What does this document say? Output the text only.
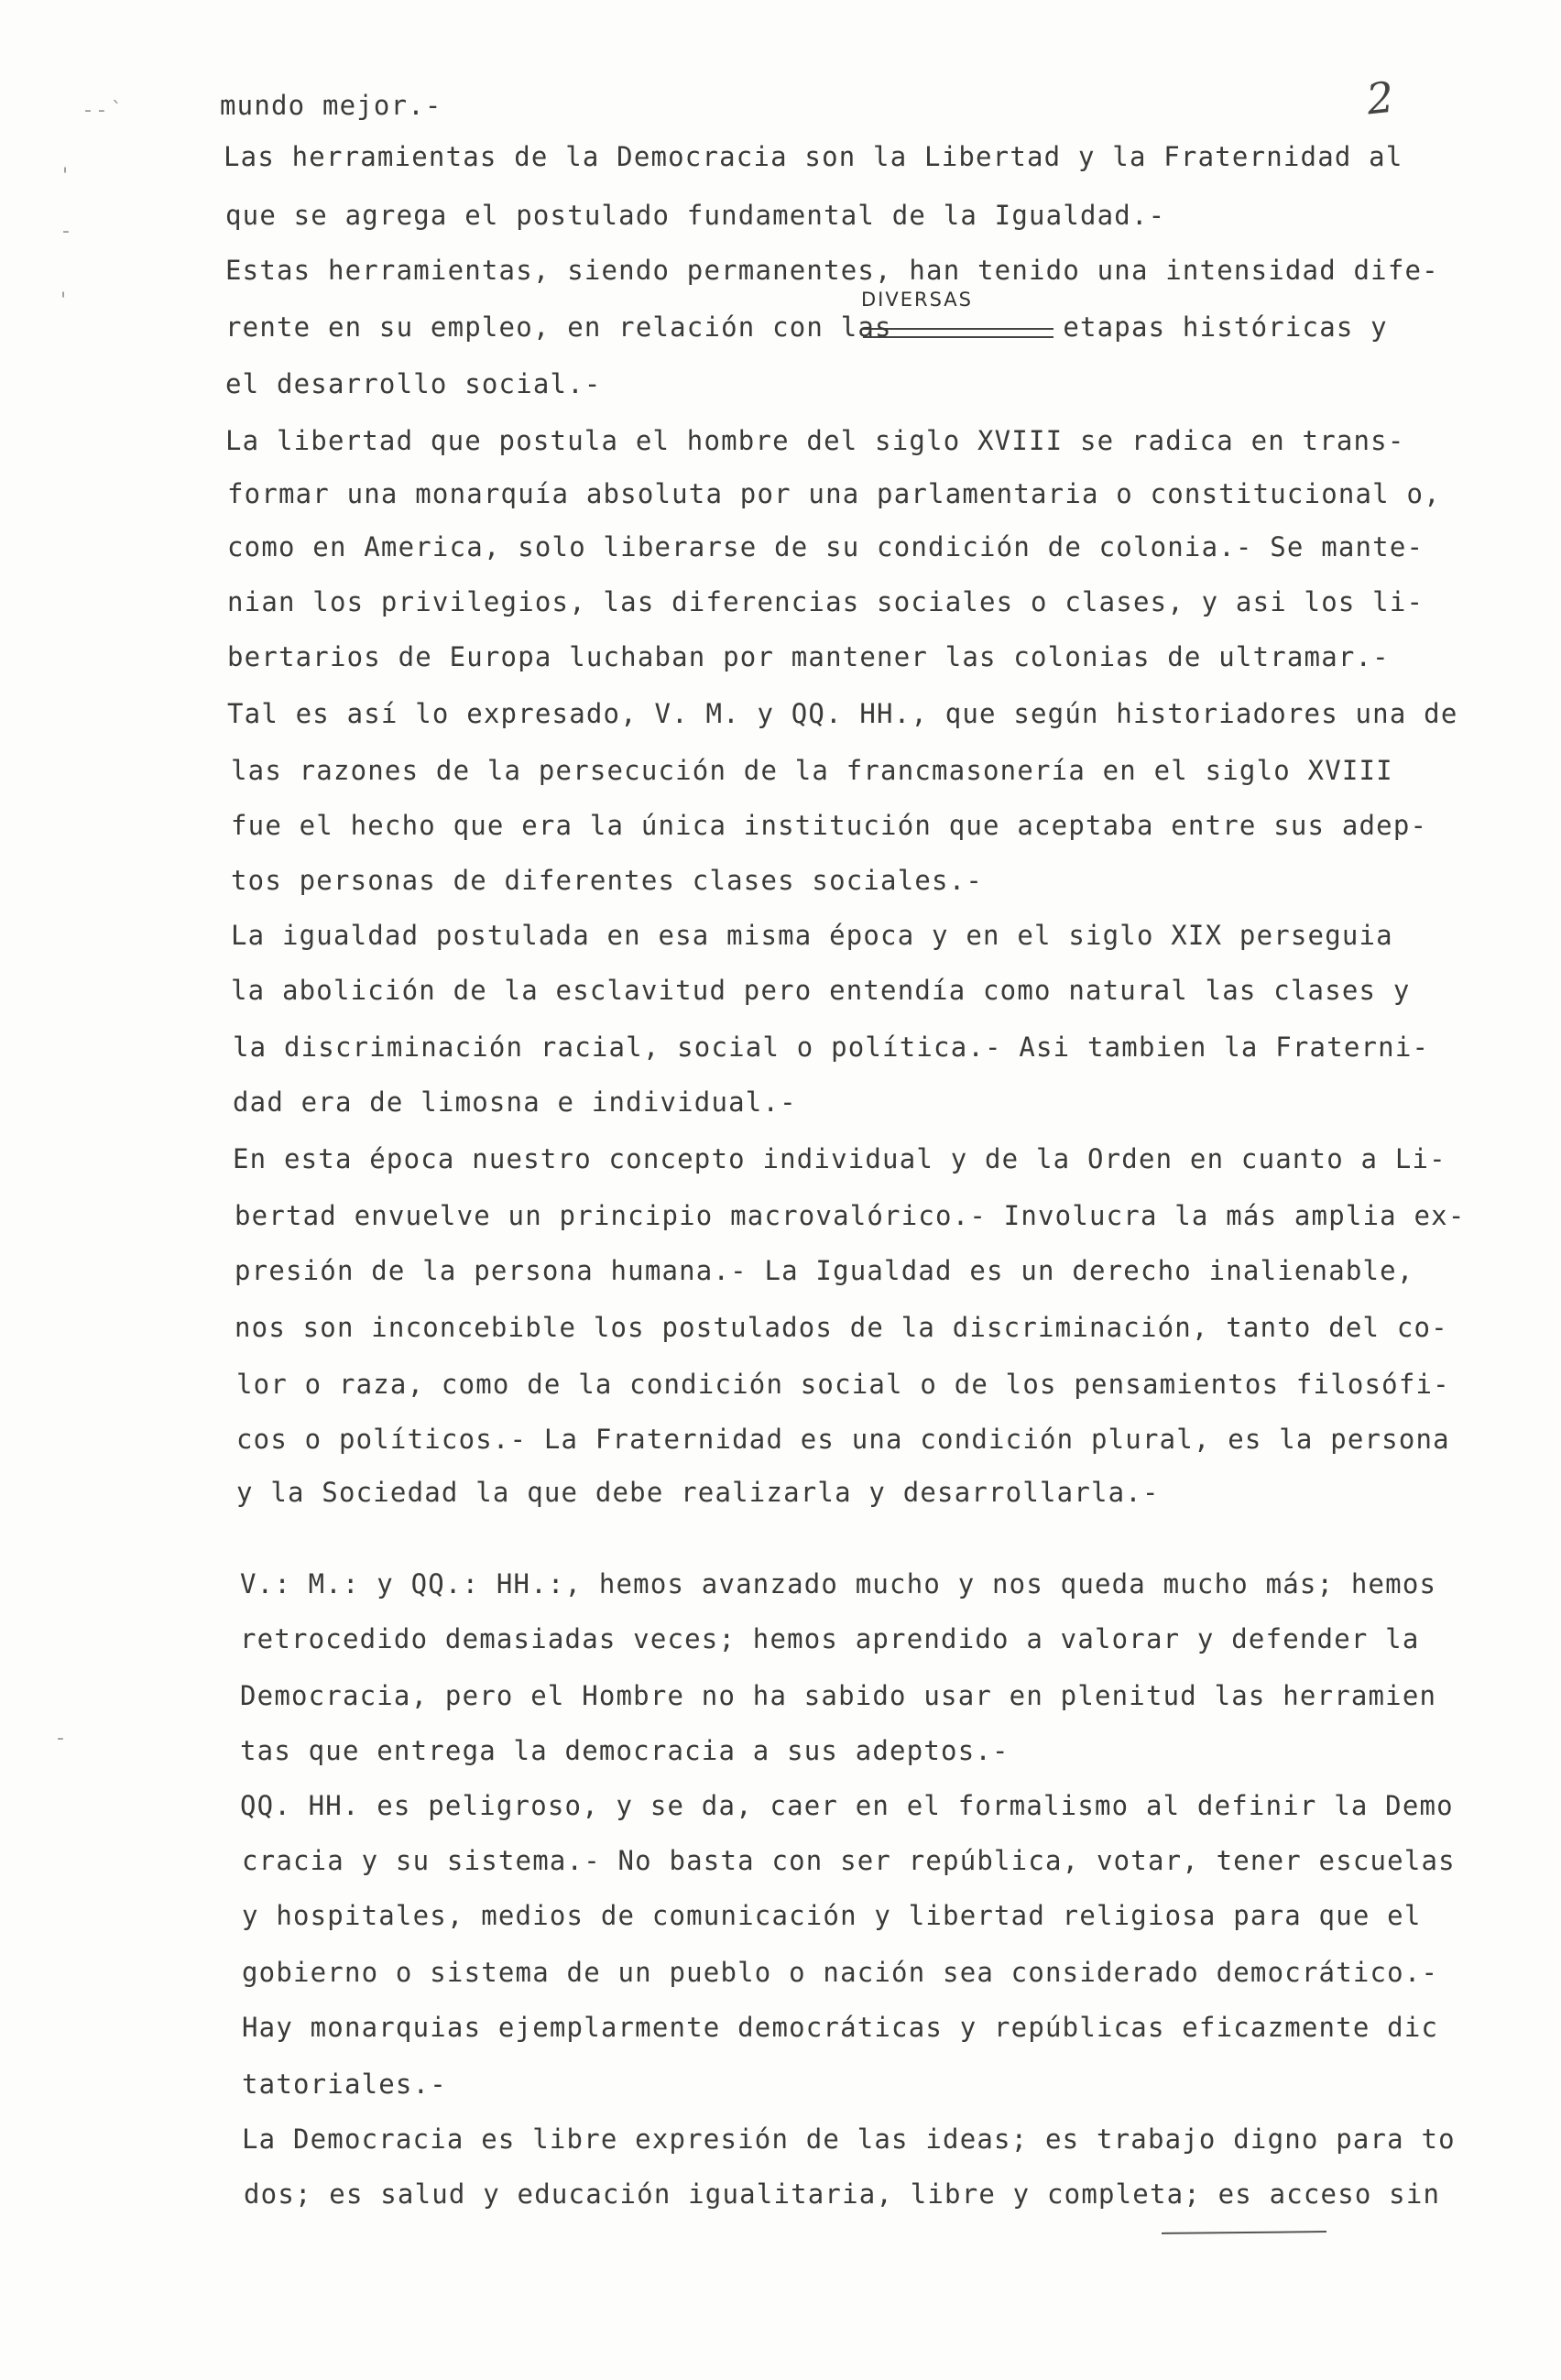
2
- - `
'
-
'
-
DIVERSAS
mundo mejor.-
Las herramientas de la Democracia son la Libertad y la Fraternidad al
que se agrega el postulado fundamental de la Igualdad.-
Estas herramientas, siendo permanentes, han tenido una intensidad dife-
rente en su empleo, en relación con las          etapas históricas y
el desarrollo social.-
La libertad que postula el hombre del siglo XVIII se radica en trans-
formar una monarquía absoluta por una parlamentaria o constitucional o,
como en America, solo liberarse de su condición de colonia.- Se mante-
nian los privilegios, las diferencias sociales o clases, y asi los li-
bertarios de Europa luchaban por mantener las colonias de ultramar.-
Tal es así lo expresado, V. M. y QQ. HH., que según historiadores una de
las razones de la persecución de la francmasonería en el siglo XVIII
fue el hecho que era la única institución que aceptaba entre sus adep-
tos personas de diferentes clases sociales.-
La igualdad postulada en esa misma época y en el siglo XIX perseguia
la abolición de la esclavitud pero entendía como natural las clases y
la discriminación racial, social o política.- Asi tambien la Fraterni-
dad era de limosna e individual.-
En esta época nuestro concepto individual y de la Orden en cuanto a Li-
bertad envuelve un principio macrovalórico.- Involucra la más amplia ex-
presión de la persona humana.- La Igualdad es un derecho inalienable,
nos son inconcebible los postulados de la discriminación, tanto del co-
lor o raza, como de la condición social o de los pensamientos filosófi-
cos o políticos.- La Fraternidad es una condición plural, es la persona
y la Sociedad la que debe realizarla y desarrollarla.-
V.: M.: y QQ.: HH.:, hemos avanzado mucho y nos queda mucho más; hemos
retrocedido demasiadas veces; hemos aprendido a valorar y defender la
Democracia, pero el Hombre no ha sabido usar en plenitud las herramien
tas que entrega la democracia a sus adeptos.-
QQ. HH. es peligroso, y se da, caer en el formalismo al definir la Demo
cracia y su sistema.- No basta con ser república, votar, tener escuelas
y hospitales, medios de comunicación y libertad religiosa para que el
gobierno o sistema de un pueblo o nación sea considerado democrático.-
Hay monarquias ejemplarmente democráticas y repúblicas eficazmente dic
tatoriales.-
La Democracia es libre expresión de las ideas; es trabajo digno para to
dos; es salud y educación igualitaria, libre y completa; es acceso sin
